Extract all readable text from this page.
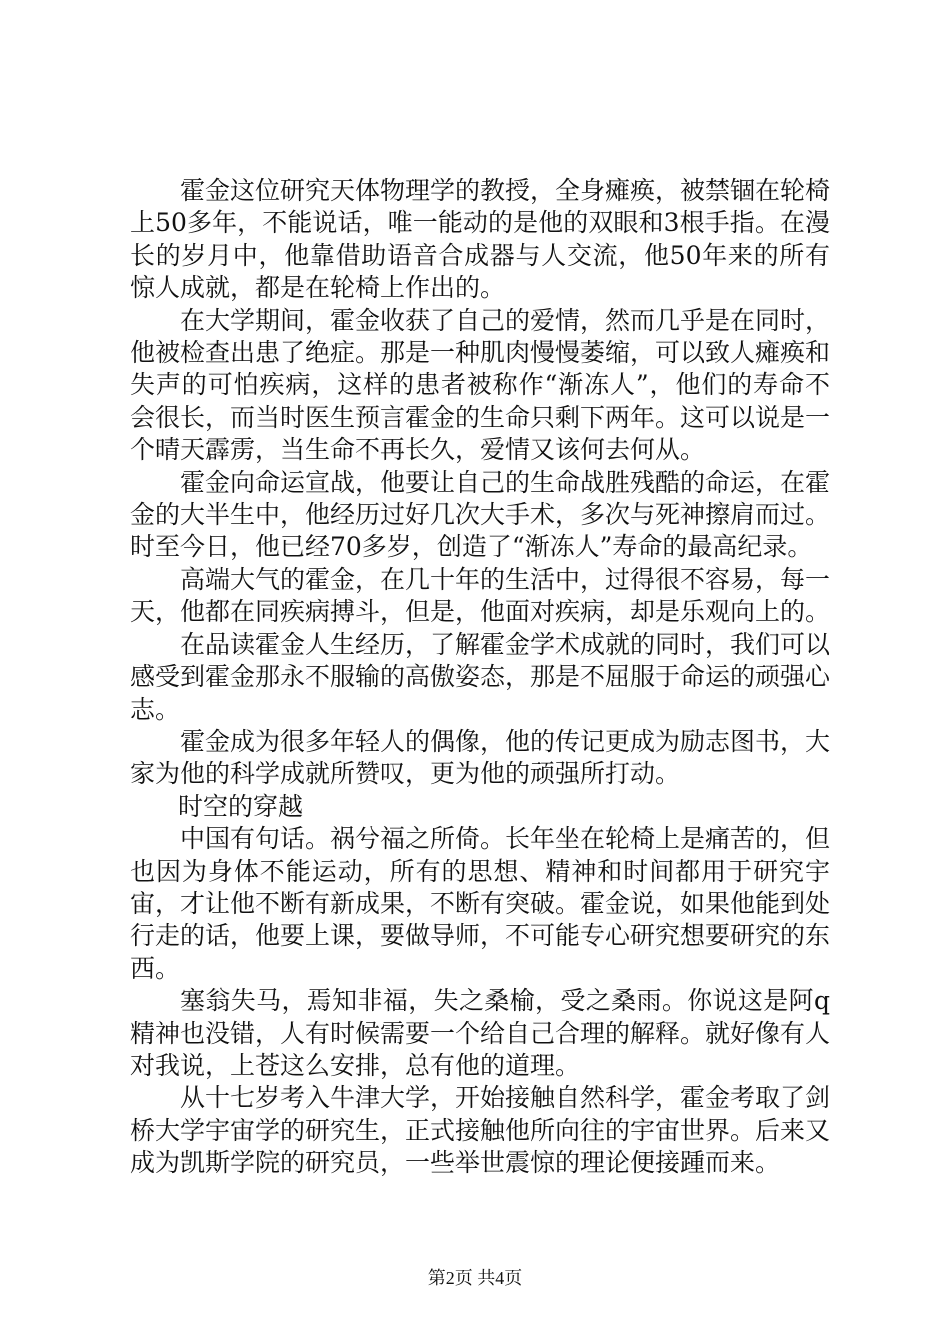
霍金这位研究天体物理学的教授，全身瘫痪，被禁锢在轮椅上50多年，不能说话，唯一能动的是他的双眼和3根手指。在漫长的岁月中，他靠借助语音合成器与人交流，他50年来的所有惊人成就，都是在轮椅上作出的。

在大学期间，霍金收获了自己的爱情，然而几乎是在同时，他被检查出患了绝症。那是一种肌肉慢慢萎缩，可以致人瘫痪和失声的可怕疾病，这样的患者被称作“渐冻人”，他们的寿命不会很长，而当时医生预言霍金的生命只剩下两年。这可以说是一个晴天霹雳，当生命不再长久，爱情又该何去何从。

霍金向命运宣战，他要让自己的生命战胜残酷的命运，在霍金的大半生中，他经历过好几次大手术，多次与死神擦肩而过。时至今日，他已经70多岁，创造了“渐冻人”寿命的最高纪录。

高端大气的霍金，在几十年的生活中，过得很不容易，每一天，他都在同疾病搏斗，但是，他面对疾病，却是乐观向上的。

在品读霍金人生经历，了解霍金学术成就的同时，我们可以感受到霍金那永不服输的高傲姿态，那是不屈服于命运的顽强心志。

霍金成为很多年轻人的偶像，他的传记更成为励志图书，大家为他的科学成就所赞叹，更为他的顽强所打动。

时空的穿越

中国有句话。祸兮福之所倚。长年坐在轮椅上是痛苦的，但也因为身体不能运动，所有的思想、精神和时间都用于研究宇宙，才让他不断有新成果，不断有突破。霍金说，如果他能到处行走的话，他要上课，要做导师，不可能专心研究想要研究的东西。

塞翁失马，焉知非福，失之桑榆，受之桑雨。你说这是阿q精神也没错，人有时候需要一个给自己合理的解释。就好像有人对我说，上苍这么安排，总有他的道理。

从十七岁考入牛津大学，开始接触自然科学，霍金考取了剑桥大学宇宙学的研究生，正式接触他所向往的宇宙世界。后来又成为凯斯学院的研究员，一些举世震惊的理论便接踵而来。

第2页 共4页
